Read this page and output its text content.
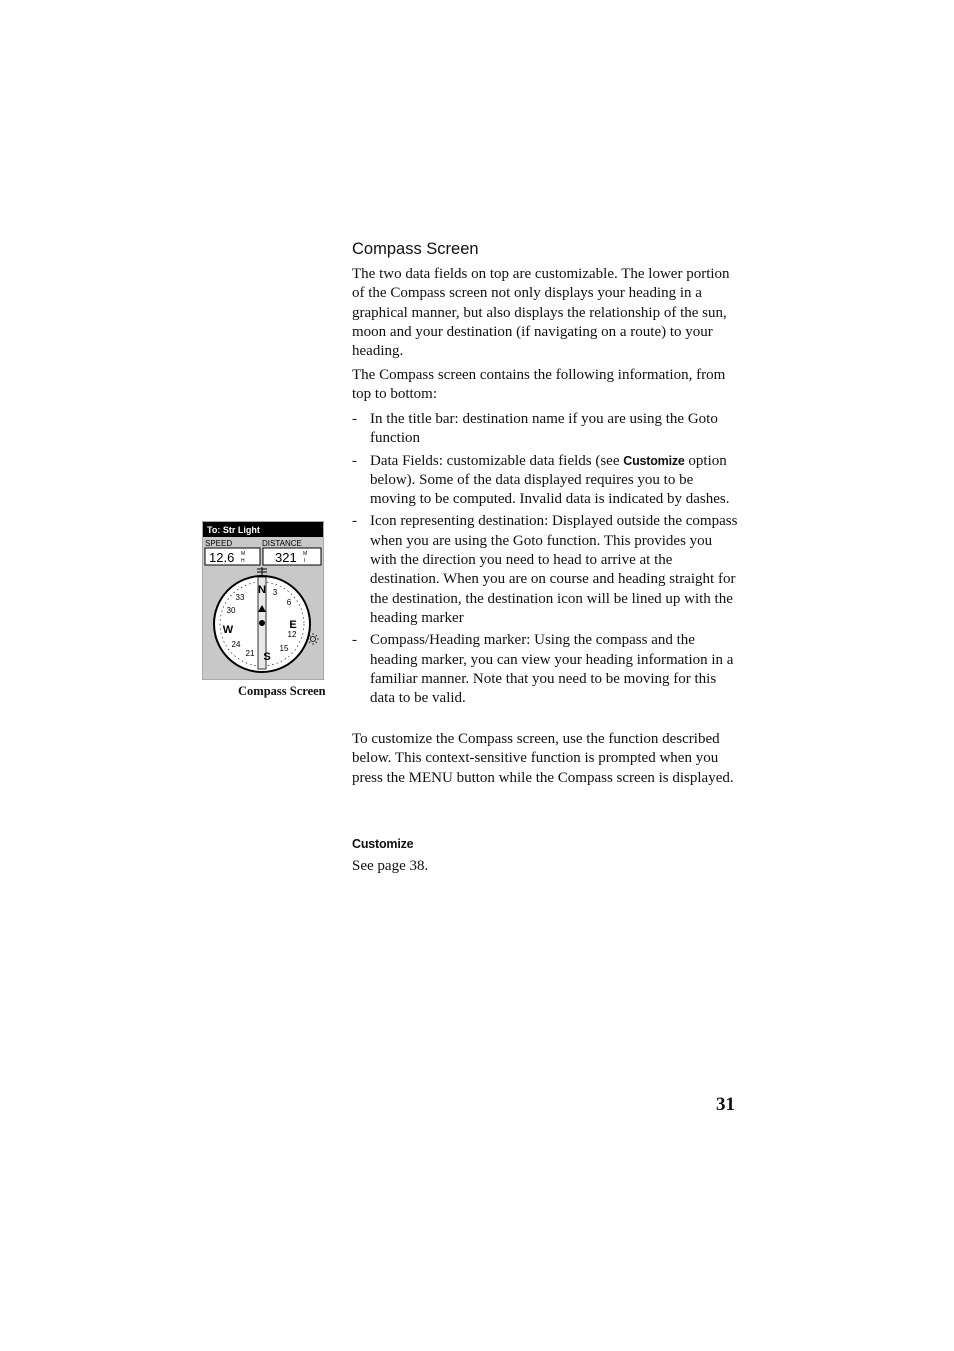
Compass Screen

The two data fields on top are customizable. The lower portion of the Compass screen not only displays your heading in a graphical manner, but also displays the relationship of the sun, moon and your destination (if navigating on a route) to your heading.

The Compass screen contains the following information, from top to bottom:

- In the title bar: destination name if you are using the Goto function
- Data Fields: customizable data fields (see Customize option below). Some of the data displayed requires you to be moving to be computed. Invalid data is indicated by dashes.
- Icon representing destination: Displayed outside the compass when you are using the Goto function. This provides you with the direction you need to head to arrive at the destination. When you are on course and heading straight for the destination, the destination icon will be lined up with the heading marker
- Compass/Heading marker: Using the compass and the heading marker, you can view your heading information in a familiar manner. Note that you need to be moving for this data to be valid.

To customize the Compass screen, use the function described below. This context-sensitive function is prompted when you press the MENU button while the Compass screen is displayed.

Customize

See page 38.

To: Str Light
SPEED	DISTANCE
12.6 M
H 321 M
I
N
E
S
W
3
6
12
15
21
24
30
33

Compass Screen

31
